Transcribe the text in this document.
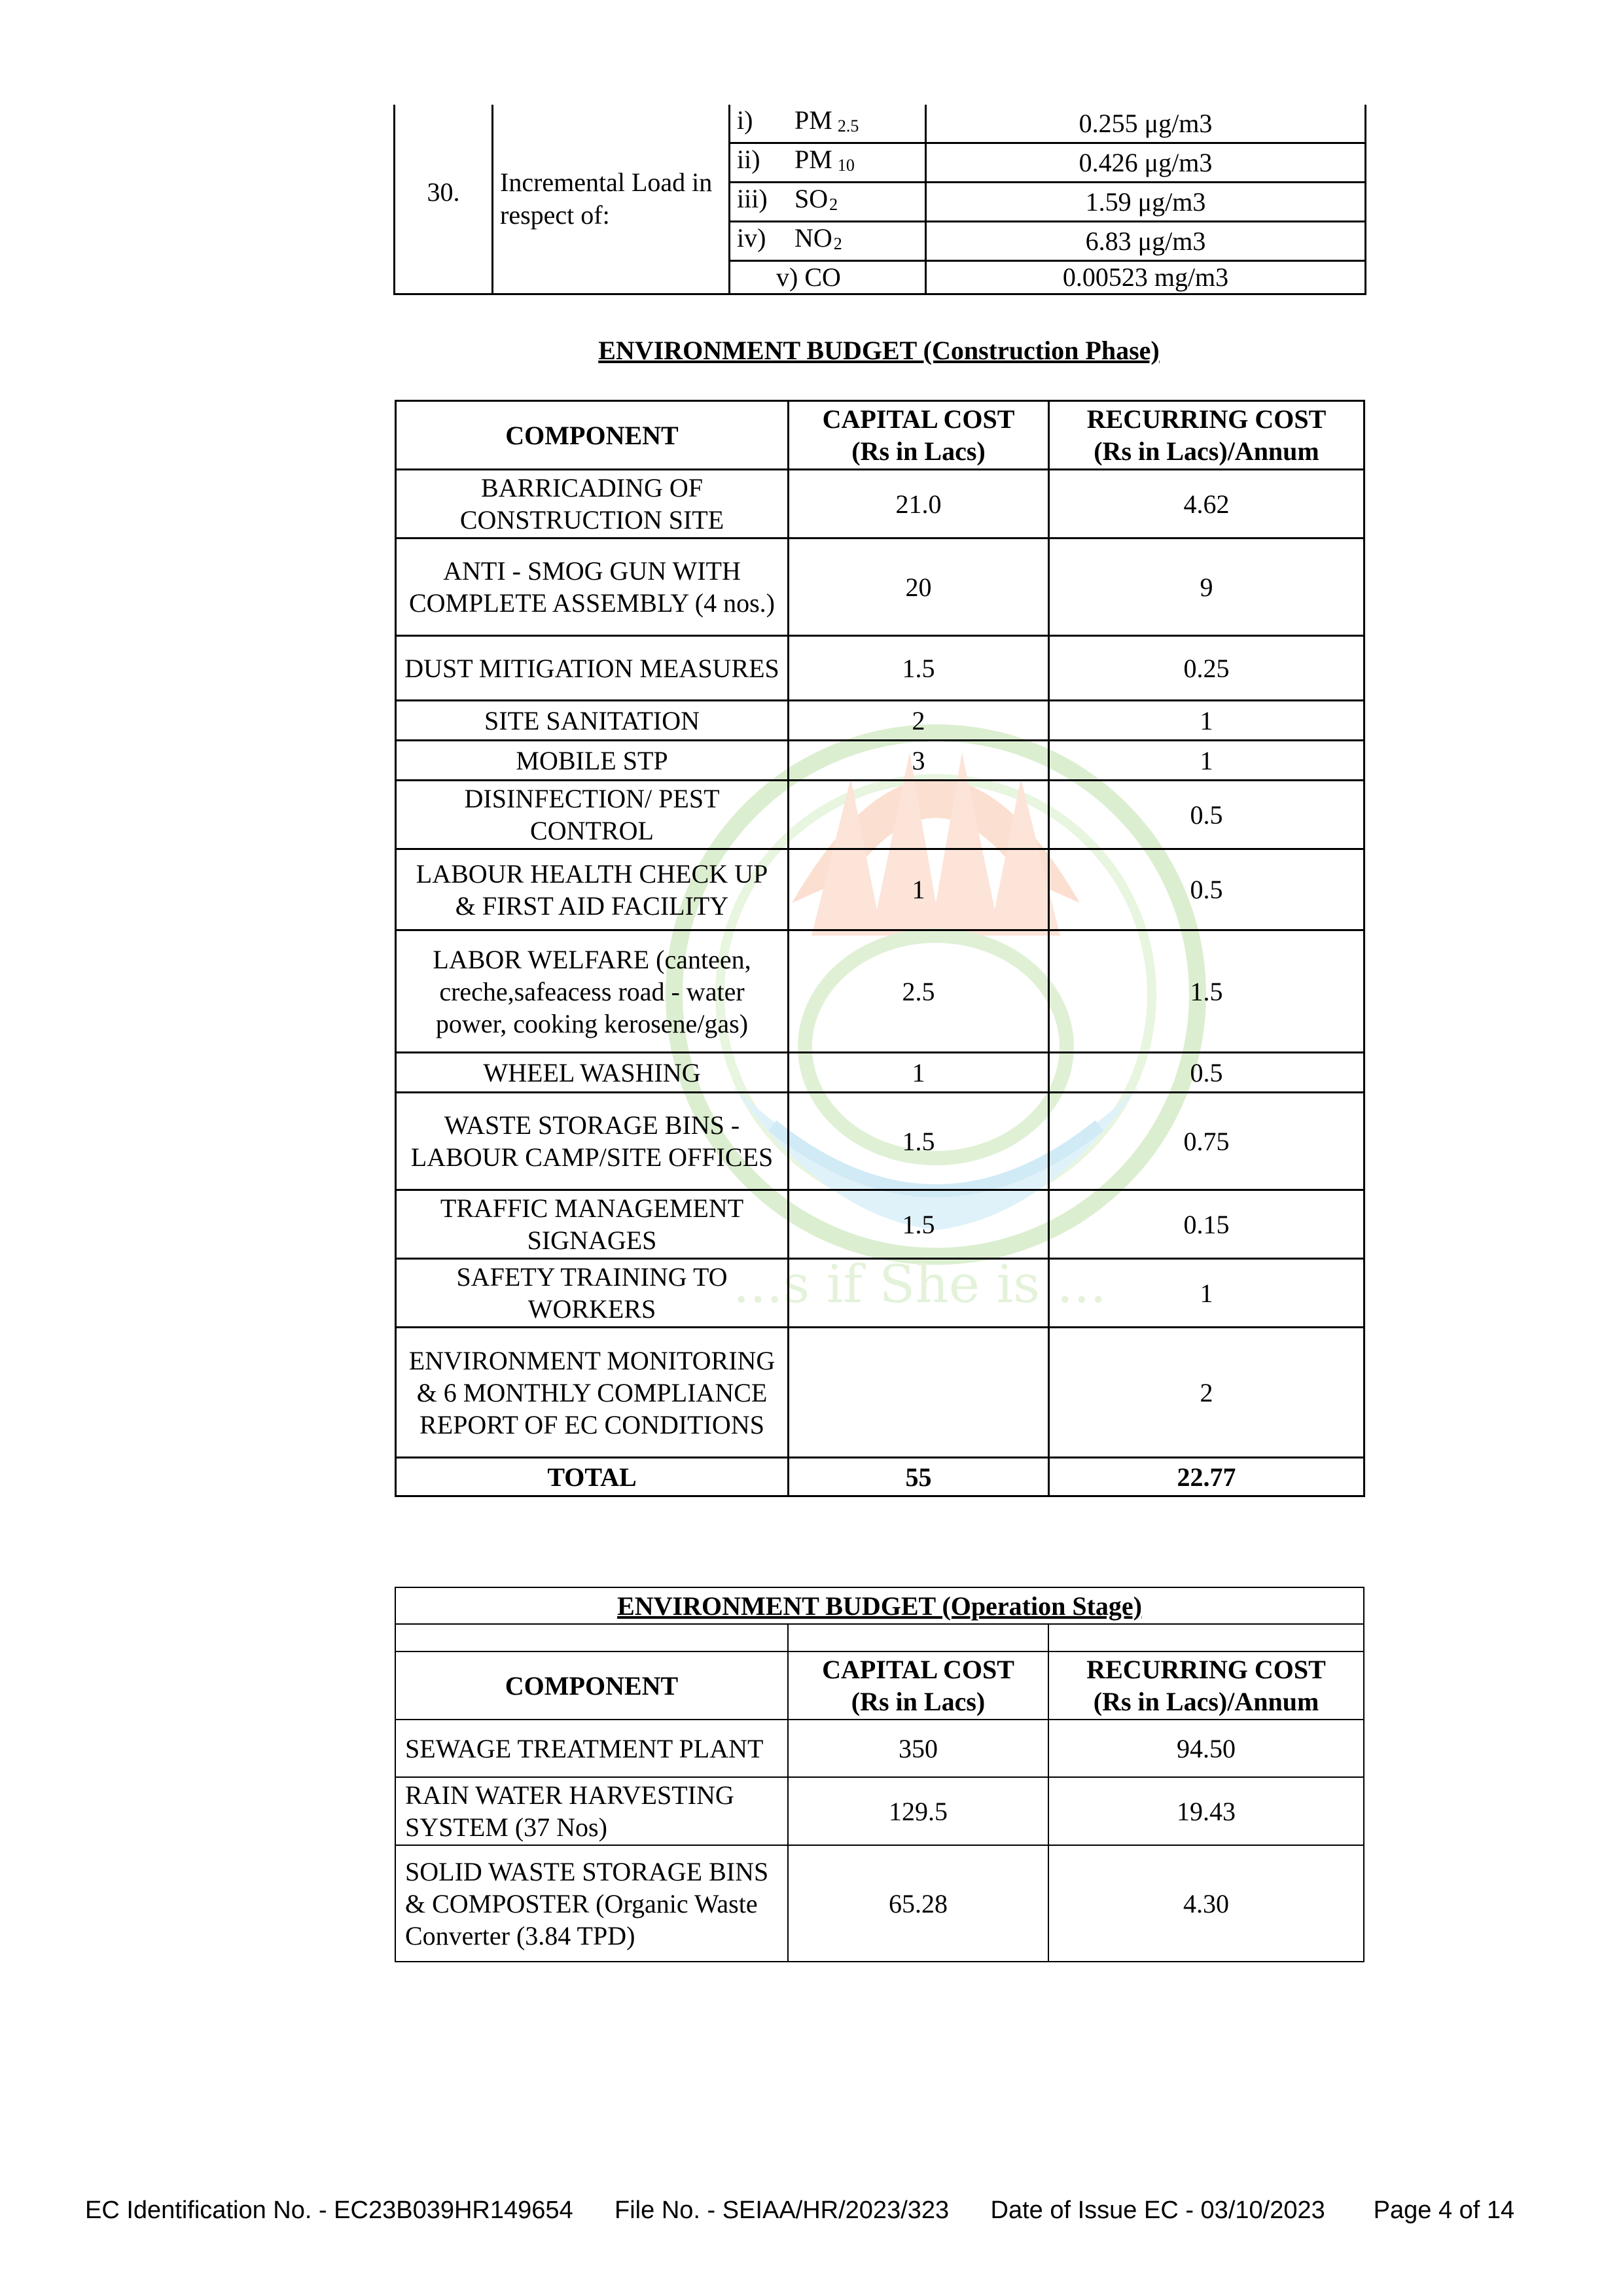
...s if She is ...
30.	Incremental Load in respect of:	i) PM 2.5	0.255 μg/m3
		ii) PM 10	0.426 μg/m3
		iii) SO2	1.59 μg/m3
		iv) NO2	6.83 μg/m3
		v) CO	0.00523 mg/m3
ENVIRONMENT BUDGET (Construction Phase)
COMPONENT	CAPITAL COST (Rs in Lacs)	RECURRING COST (Rs in Lacs)/Annum
BARRICADING OF CONSTRUCTION SITE	21.0	4.62
ANTI - SMOG GUN WITH COMPLETE ASSEMBLY (4 nos.)	20	9
DUST MITIGATION MEASURES	1.5	0.25
SITE SANITATION	2	1
MOBILE STP	3	1
DISINFECTION/ PEST CONTROL		0.5
LABOUR HEALTH CHECK UP & FIRST AID FACILITY	1	0.5
LABOR WELFARE (canteen, creche,safeacess road - water power, cooking kerosene/gas)	2.5	1.5
WHEEL WASHING	1	0.5
WASTE STORAGE BINS - LABOUR CAMP/SITE OFFICES	1.5	0.75
TRAFFIC MANAGEMENT SIGNAGES	1.5	0.15
SAFETY TRAINING TO WORKERS		1
ENVIRONMENT MONITORING & 6 MONTHLY COMPLIANCE REPORT OF EC CONDITIONS		2
TOTAL	55	22.77
ENVIRONMENT BUDGET (Operation Stage)		

COMPONENT	CAPITAL COST (Rs in Lacs)	RECURRING COST (Rs in Lacs)/Annum
SEWAGE TREATMENT PLANT	350	94.50
RAIN WATER HARVESTING SYSTEM (37 Nos)	129.5	19.43
SOLID WASTE STORAGE BINS & COMPOSTER (Organic Waste Converter (3.84 TPD)	65.28	4.30
EC Identification No. - EC23B039HR149654 File No. - SEIAA/HR/2023/323 Date of Issue EC - 03/10/2023 Page 4 of 14
